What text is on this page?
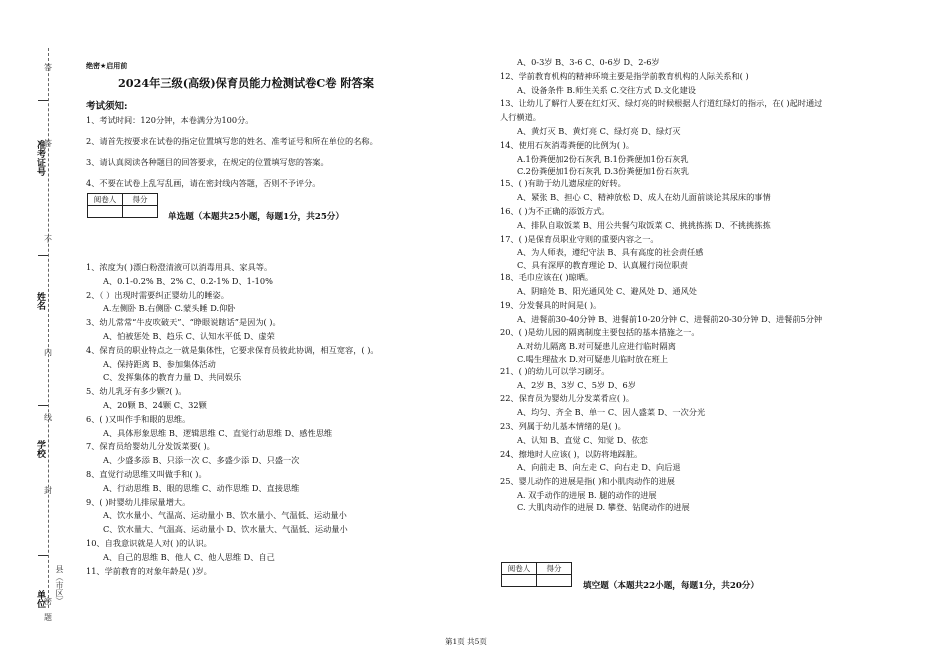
准考证号
姓名
学校
单位 县（市区）
答
答
不
内
线
封
密
题
绝密★启用前
2024年三级(高级)保育员能力检测试卷C卷 附答案
考试须知:
1、考试时间：120分钟，本卷满分为100分。
2、请首先按要求在试卷的指定位置填写您的姓名、准考证号和所在单位的名称。
3、请认真阅读各种题目的回答要求，在规定的位置填写您的答案。
4、不要在试卷上乱写乱画，请在密封线内答题，否则不予评分。
阅卷人	得分

单选题（本题共25小题，每题1分，共25分）
1、浓度为( )漂白粉澄清液可以消毒用具、家具等。
A、0.1-0.2% B、2% C、0.2-1% D、1-10%
2、（ ）出现时需要纠正婴幼儿的睡姿。
A.左侧卧 B.右侧卧 C.蒙头睡 D.仰卧
3、幼儿常常“牛皮吹破天”、“睁眼说瞎话”是因为( )。
A、怕被惩处 B、趋乐 C、认知水平低 D、虚荣
4、保育员的职业特点之一就是集体性，它要求保育员彼此协调，相互宽容，( )。
A、保持距离 B、参加集体活动
C、发挥集体的教育力量 D、共同娱乐
5、幼儿乳牙有多少颗?( )。
A、20颗 B、24颗 C、32颗
6、( )又叫作手和眼的思维。
A、具体形象思维 B、逻辑思维 C、直觉行动思维 D、感性思维
7、保育员给婴幼儿分发饭菜要( )。
A、少盛多添 B、只添一次 C、多盛少添 D、只盛一次
8、直觉行动思维又叫做手和( )。
A、行动思维 B、眼的思维 C、动作思维 D、直接思维
9、( )时婴幼儿排尿量增大。
A、饮水量小、气温高、运动量小 B、饮水量小、气温低、运动量小
C、饮水量大、气温高、运动量小 D、饮水量大、气温低、运动量小
10、自我意识就是人对( )的认识。
A、自己的思维 B、他人 C、他人思维 D、自己
11、学前教育的对象年龄是( )岁。
A、0-3岁 B、3-6 C、0-6岁 D、2-6岁
12、学前教育机构的精神环境主要是指学前教育机构的人际关系和( )
A、设备条件 B.师生关系 C.交往方式 D.文化建设
13、让幼儿了解行人要在红灯灭、绿灯亮的时候根据人行道红绿灯的指示，在( )起时通过
人行横道。
A、黄灯灭 B、黄灯亮 C、绿灯亮 D、绿灯灭
14、使用石灰消毒粪便的比例为( )。
A.1份粪便加2份石灰乳 B.1份粪便加1份石灰乳
C.2份粪便加1份石灰乳 D.3份粪便加1份石灰乳
15、( )有助于幼儿遗尿症的好转。
A、紧张 B、担心 C、精神放松 D、成人在幼儿面前谈论其尿床的事情
16、( )为不正确的添饭方式。
A、排队自取饭菜 B、用公共餐勺取饭菜 C、挑挑拣拣 D、不挑挑拣拣
17、( )是保育员职业守则的重要内容之一。
A、为人师表，遵纪守法 B、具有高度的社会责任感
C、具有深厚的教育理论 D、认真履行岗位职责
18、毛巾应该在( )晾晒。
A、阴暗处 B、阳光通风处 C、避风处 D、通风处
19、分发餐具的时间是( )。
A、进餐前30-40分钟 B、进餐前10-20分钟 C、进餐前20-30分钟 D、进餐前5分钟
20、( )是幼儿园的隔离制度主要包括的基本措施之一。
A.对幼儿隔离 B.对可疑患儿应进行临时隔离
C.喝生理盐水 D.对可疑患儿临时放在班上
21、( )的幼儿可以学习刷牙。
A、2岁 B、3岁 C、5岁 D、6岁
22、保育员为婴幼儿分发菜肴应( )。
A、均匀、齐全 B、单一 C、因人盛菜 D、一次分光
23、列属于幼儿基本情绪的是( )。
A、认知 B、直觉 C、知觉 D、依恋
24、擦地时人应该( )，以防将地踩脏。
A、向前走 B、向左走 C、向右走 D、向后退
25、婴儿动作的进展是指( )和小肌肉动作的进展
A. 双手动作的进展 B. 腿的动作的进展
C. 大肌肉动作的进展 D. 攀登、钻爬动作的进展
阅卷人	得分

填空题（本题共22小题，每题1分，共20分）
第1页 共5页
